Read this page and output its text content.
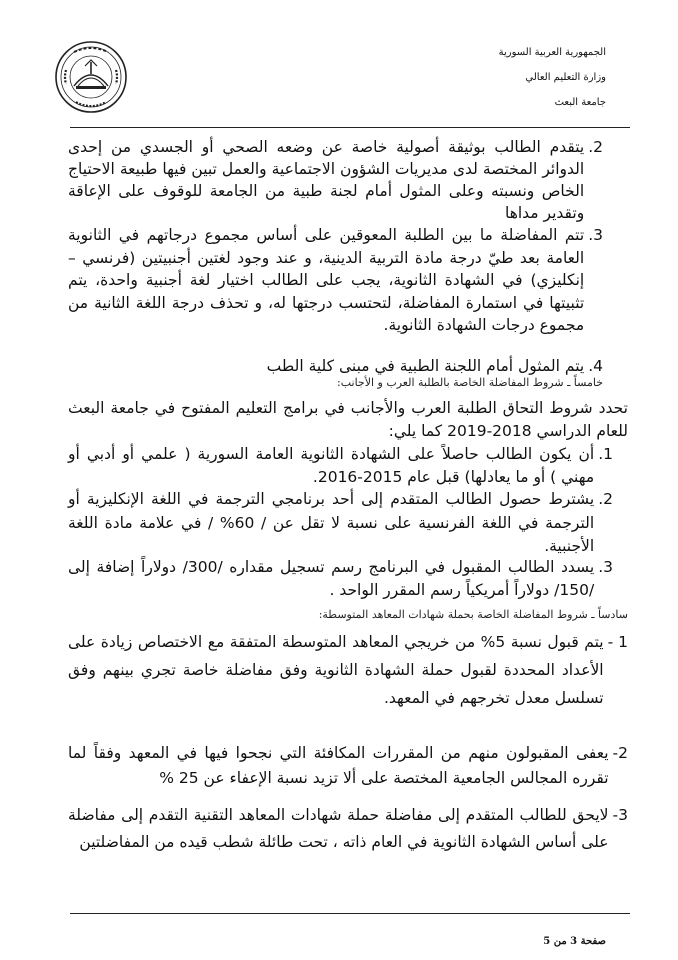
الجمهورية العربية السورية
وزارة التعليم العالي
جامعة البعث
2.
يتقدم الطالب بوثيقة أصولية خاصة عن وضعه الصحي أو الجسدي من إحدى الدوائر المختصة لدى مديريات الشؤون الاجتماعية والعمل تبين فيها طبيعة الاحتياج الخاص ونسبته وعلى المثول أمام لجنة طبية من الجامعة للوقوف على الإعاقة وتقدير مداها
3.
تتم المفاضلة ما بين الطلبة المعوقين على أساس مجموع درجاتهم في الثانوية العامة بعد طيّ درجة مادة التربية الدينية، و عند وجود لغتين أجنبيتين (فرنسي – إنكليزي) في الشهادة الثانوية، يجب على الطالب اختيار لغة أجنبية واحدة، يتم تثبيتها في استمارة المفاضلة، لتحتسب درجتها له، و تحذف درجة اللغة الثانية من مجموع درجات الشهادة الثانوية.
4.
يتم المثول أمام اللجنة الطبية في مبنى كلية الطب
خامساً ـ شروط المفاضلة الخاصة بالطلبة العرب و الأجانب:
تحدد شروط التحاق الطلبة العرب والأجانب في برامج التعليم المفتوح في جامعة البعث للعام الدراسي 2018-2019 كما يلي:
1.
أن يكون الطالب حاصلاً على الشهادة الثانوية العامة السورية ( علمي أو أدبي أو مهني ) أو ما يعادلها) قبل عام 2015-2016.
2.
يشترط حصول الطالب المتقدم إلى أحد برنامجي الترجمة في اللغة الإنكليزية أو الترجمة في اللغة الفرنسية على نسبة لا تقل عن / 60% / في علامة مادة اللغة الأجنبية.
3.
يسدد الطالب المقبول في البرنامج رسم تسجيل مقداره /300/ دولاراً إضافة إلى /150/ دولاراً أمريكياً رسم المقرر الواحد .
سادساً ـ شروط المفاضلة الخاصة بحملة شهادات المعاهد المتوسطة:
1 -
يتم قبول نسبة 5% من خريجي المعاهد المتوسطة المتفقة مع الاختصاص زيادة على الأعداد المحددة لقبول حملة الشهادة الثانوية وفق مفاضلة خاصة تجري بينهم وفق تسلسل معدل تخرجهم في المعهد.
2-
يعفى المقبولون منهم من المقررات المكافئة التي نجحوا فيها في المعهد وفقاً لما تقرره المجالس الجامعية المختصة على ألا تزيد نسبة الإعفاء عن 25 %
3-
لايحق للطالب المتقدم إلى مفاضلة حملة شهادات المعاهد التقنية التقدم إلى مفاضلة على أساس الشهادة الثانوية في العام ذاته ، تحت طائلة شطب قيده من المفاضلتين
صفحة 3 من 5
